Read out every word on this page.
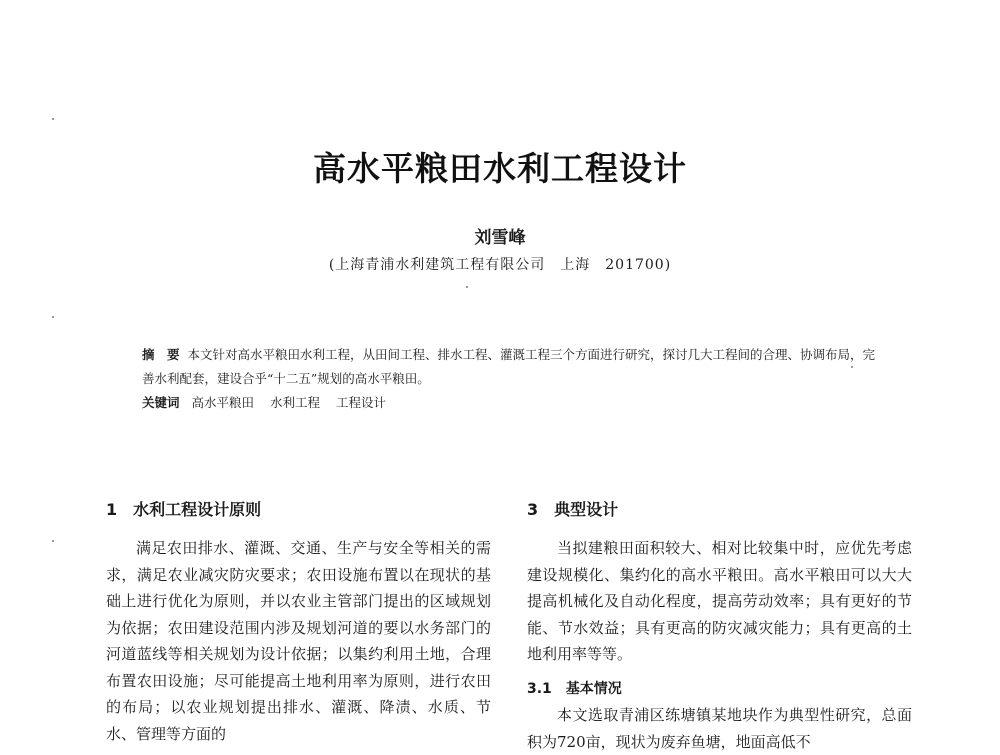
高水平粮田水利工程设计
刘雪峰
(上海青浦水利建筑工程有限公司　上海　201700)
摘　要 本文针对高水平粮田水利工程，从田间工程、排水工程、灌溉工程三个方面进行研究，探讨几大工程间的合理、协调布局，完善水利配套，建设合乎“十二五”规划的高水平粮田。
关键词 高水平粮田 水利工程 工程设计
1　水利工程设计原则
满足农田排水、灌溉、交通、生产与安全等相关的需求，满足农业减灾防灾要求；农田设施布置以在现状的基础上进行优化为原则，并以农业主管部门提出的区域规划为依据；农田建设范围内涉及规划河道的要以水务部门的河道蓝线等相关规划为设计依据；以集约利用土地，合理布置农田设施；尽可能提高土地利用率为原则，进行农田的布局；以农业规划提出排水、灌溉、降渍、水质、节水、管理等方面的
3　典型设计
当拟建粮田面积较大、相对比较集中时，应优先考虑建设规模化、集约化的高水平粮田。高水平粮田可以大大提高机械化及自动化程度，提高劳动效率；具有更好的节能、节水效益；具有更高的防灾减灾能力；具有更高的土地利用率等等。
3.1　基本情况
本文选取青浦区练塘镇某地块作为典型性研究，总面积为720亩，现状为废弃鱼塘，地面高低不
